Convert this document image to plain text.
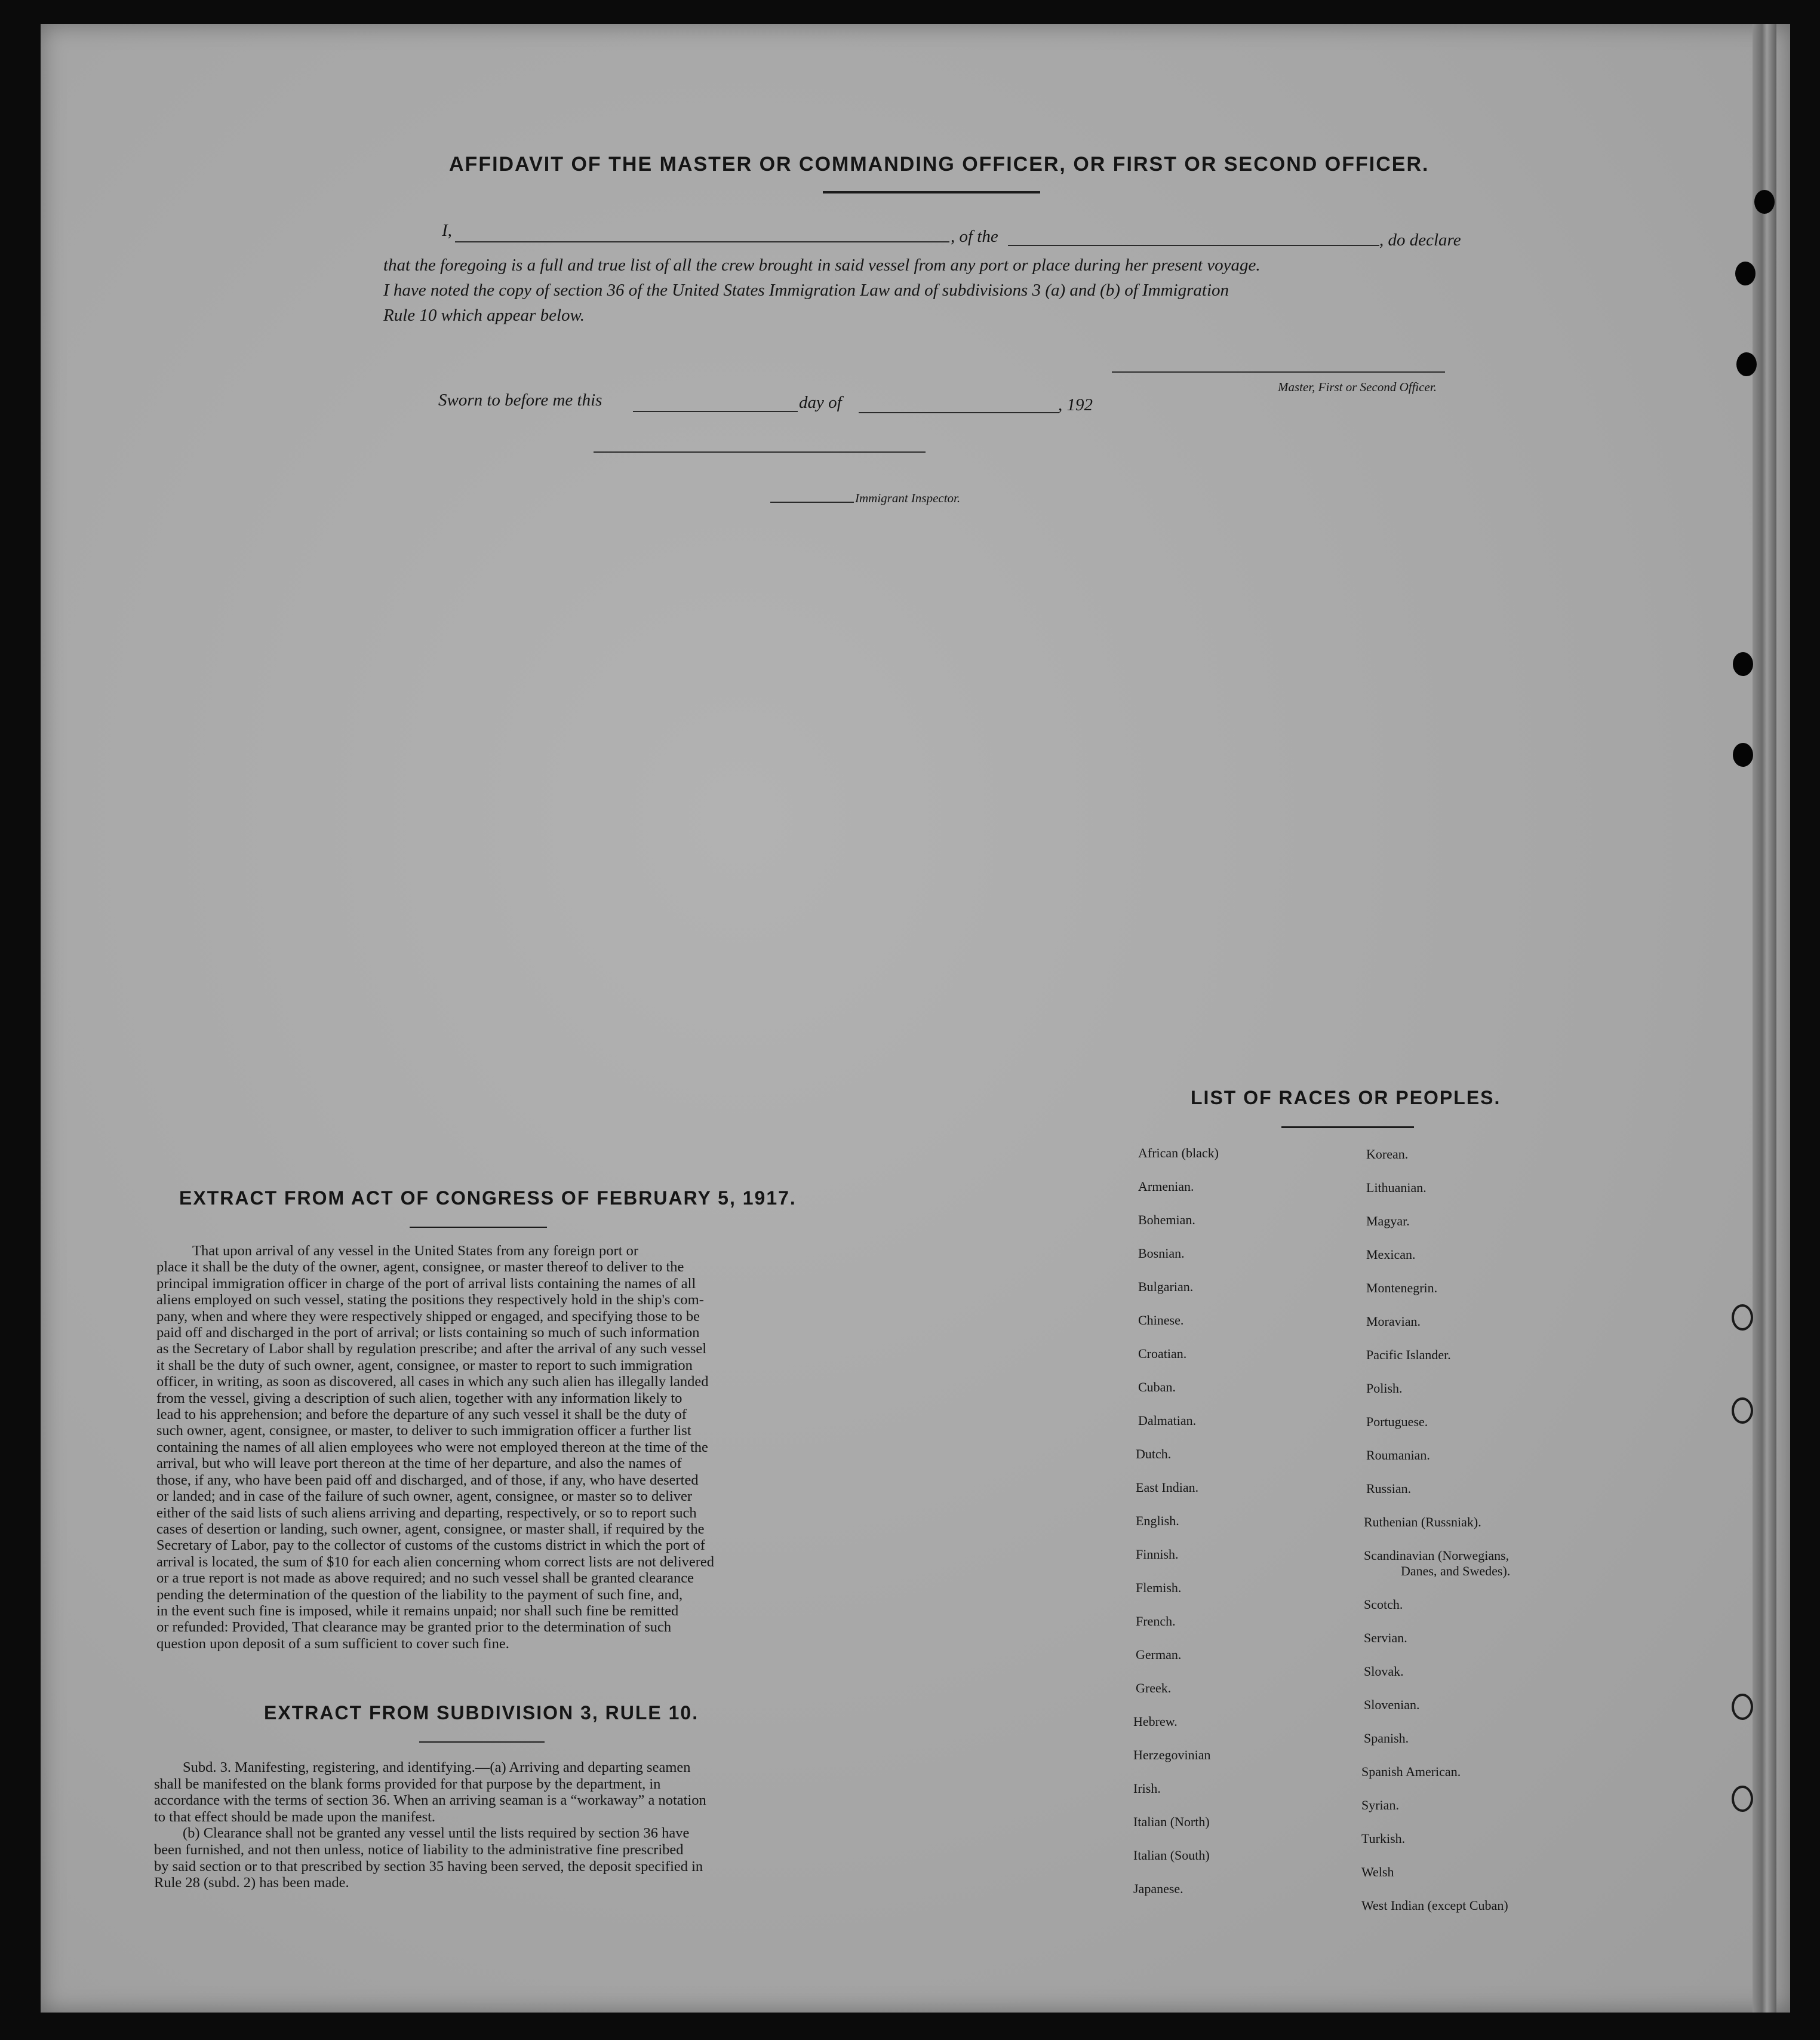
AFFIDAVIT OF THE MASTER OR COMMANDING OFFICER, OR FIRST OR SECOND OFFICER.
I,	, of the	, do declare
that the foregoing is a full and true list of all the crew brought in said vessel from any port or place during her present voyage.
I have noted the copy of section 36 of the United States Immigration Law and of subdivisions 3 (a) and (b) of Immigration
Rule 10 which appear below.
Master, First or Second Officer.
Sworn to before me this	day of	, 192
Immigrant Inspector.
EXTRACT FROM ACT OF CONGRESS OF FEBRUARY 5, 1917.
That upon arrival of any vessel in the United States from any foreign port or
place it shall be the duty of the owner, agent, consignee, or master thereof to deliver to the
principal immigration officer in charge of the port of arrival lists containing the names of all
aliens employed on such vessel, stating the positions they respectively hold in the ship's com-
pany, when and where they were respectively shipped or engaged, and specifying those to be
paid off and discharged in the port of arrival; or lists containing so much of such information
as the Secretary of Labor shall by regulation prescribe; and after the arrival of any such vessel
it shall be the duty of such owner, agent, consignee, or master to report to such immigration
officer, in writing, as soon as discovered, all cases in which any such alien has illegally landed
from the vessel, giving a description of such alien, together with any information likely to
lead to his apprehension; and before the departure of any such vessel it shall be the duty of
such owner, agent, consignee, or master, to deliver to such immigration officer a further list
containing the names of all alien employees who were not employed thereon at the time of the
arrival, but who will leave port thereon at the time of her departure, and also the names of
those, if any, who have been paid off and discharged, and of those, if any, who have deserted
or landed; and in case of the failure of such owner, agent, consignee, or master so to deliver
either of the said lists of such aliens arriving and departing, respectively, or so to report such
cases of desertion or landing, such owner, agent, consignee, or master shall, if required by the
Secretary of Labor, pay to the collector of customs of the customs district in which the port of
arrival is located, the sum of $10 for each alien concerning whom correct lists are not delivered
or a true report is not made as above required; and no such vessel shall be granted clearance
pending the determination of the question of the liability to the payment of such fine, and,
in the event such fine is imposed, while it remains unpaid; nor shall such fine be remitted
or refunded: Provided, That clearance may be granted prior to the determination of such
question upon deposit of a sum sufficient to cover such fine.
EXTRACT FROM SUBDIVISION 3, RULE 10.
Subd. 3. Manifesting, registering, and identifying.—(a) Arriving and departing seamen
shall be manifested on the blank forms provided for that purpose by the department, in
accordance with the terms of section 36. When an arriving seaman is a “workaway” a notation
to that effect should be made upon the manifest.
(b) Clearance shall not be granted any vessel until the lists required by section 36 have
been furnished, and not then unless, notice of liability to the administrative fine prescribed
by said section or to that prescribed by section 35 having been served, the deposit specified in
Rule 28 (subd. 2) has been made.
LIST OF RACES OR PEOPLES.
African (black)
Armenian.
Bohemian.
Bosnian.
Bulgarian.
Chinese.
Croatian.
Cuban.
Dalmatian.
Dutch.
East Indian.
English.
Finnish.
Flemish.
French.
German.
Greek.
Hebrew.
Herzegovinian
Irish.
Italian (North)
Italian (South)
Japanese.
Korean.
Lithuanian.
Magyar.
Mexican.
Montenegrin.
Moravian.
Pacific Islander.
Polish.
Portuguese.
Roumanian.
Russian.
Ruthenian (Russniak).
Scandinavian (Norwegians,
Danes, and Swedes).
Scotch.
Servian.
Slovak.
Slovenian.
Spanish.
Spanish American.
Syrian.
Turkish.
Welsh
West Indian (except Cuban)
